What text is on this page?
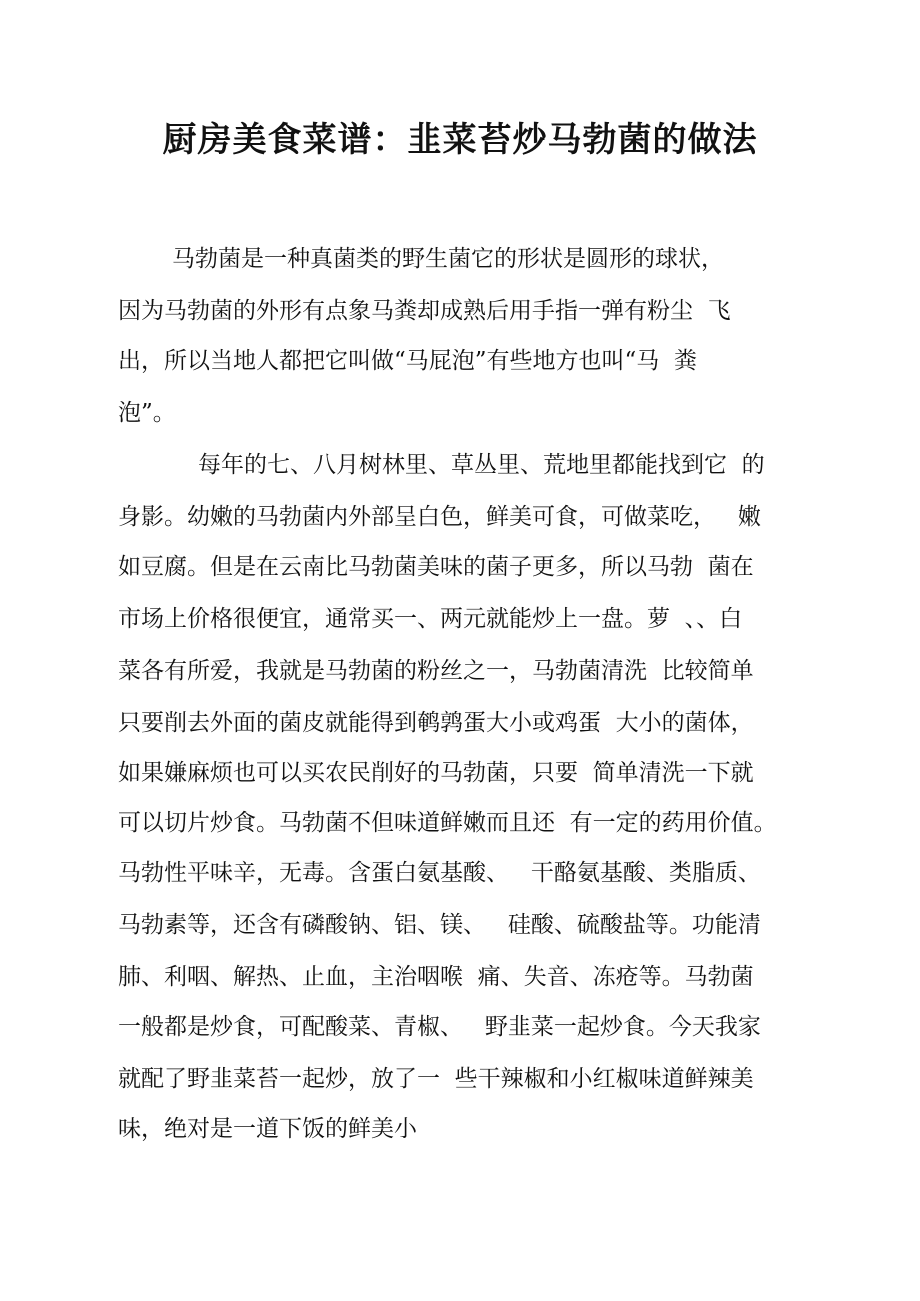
厨房美食菜谱：韭菜苔炒马勃菌的做法

马勃菌是一种真菌类的野生菌它的形状是圆形的球状，

因为马勃菌的外形有点象马粪却成熟后用手指一弹有粉尘  飞

出，所以当地人都把它叫做“马屁泡”有些地方也叫“马  粪

泡”。

每年的七、八月树林里、草丛里、荒地里都能找到它  的

身影。幼嫩的马勃菌内外部呈白色，鲜美可食，可做菜吃，   嫩

如豆腐。但是在云南比马勃菌美味的菌子更多，所以马勃  菌在

市场上价格很便宜，通常买一、两元就能炒上一盘。萝  、、白

菜各有所爱，我就是马勃菌的粉丝之一，马勃菌清洗  比较简单

只要削去外面的菌皮就能得到鹌鹑蛋大小或鸡蛋  大小的菌体，

如果嫌麻烦也可以买农民削好的马勃菌，只要  简单清洗一下就

可以切片炒食。马勃菌不但味道鲜嫩而且还  有一定的药用价值。

马勃性平味辛，无毒。含蛋白氨基酸、   干酪氨基酸、类脂质、

马勃素等，还含有磷酸钠、铝、镁、   硅酸、硫酸盐等。功能清

肺、利咽、解热、止血，主治咽喉  痛、失音、冻疮等。马勃菌

一般都是炒食，可配酸菜、青椒、   野韭菜一起炒食。今天我家

就配了野韭菜苔一起炒，放了一  些干辣椒和小红椒味道鲜辣美

味，绝对是一道下饭的鲜美小
